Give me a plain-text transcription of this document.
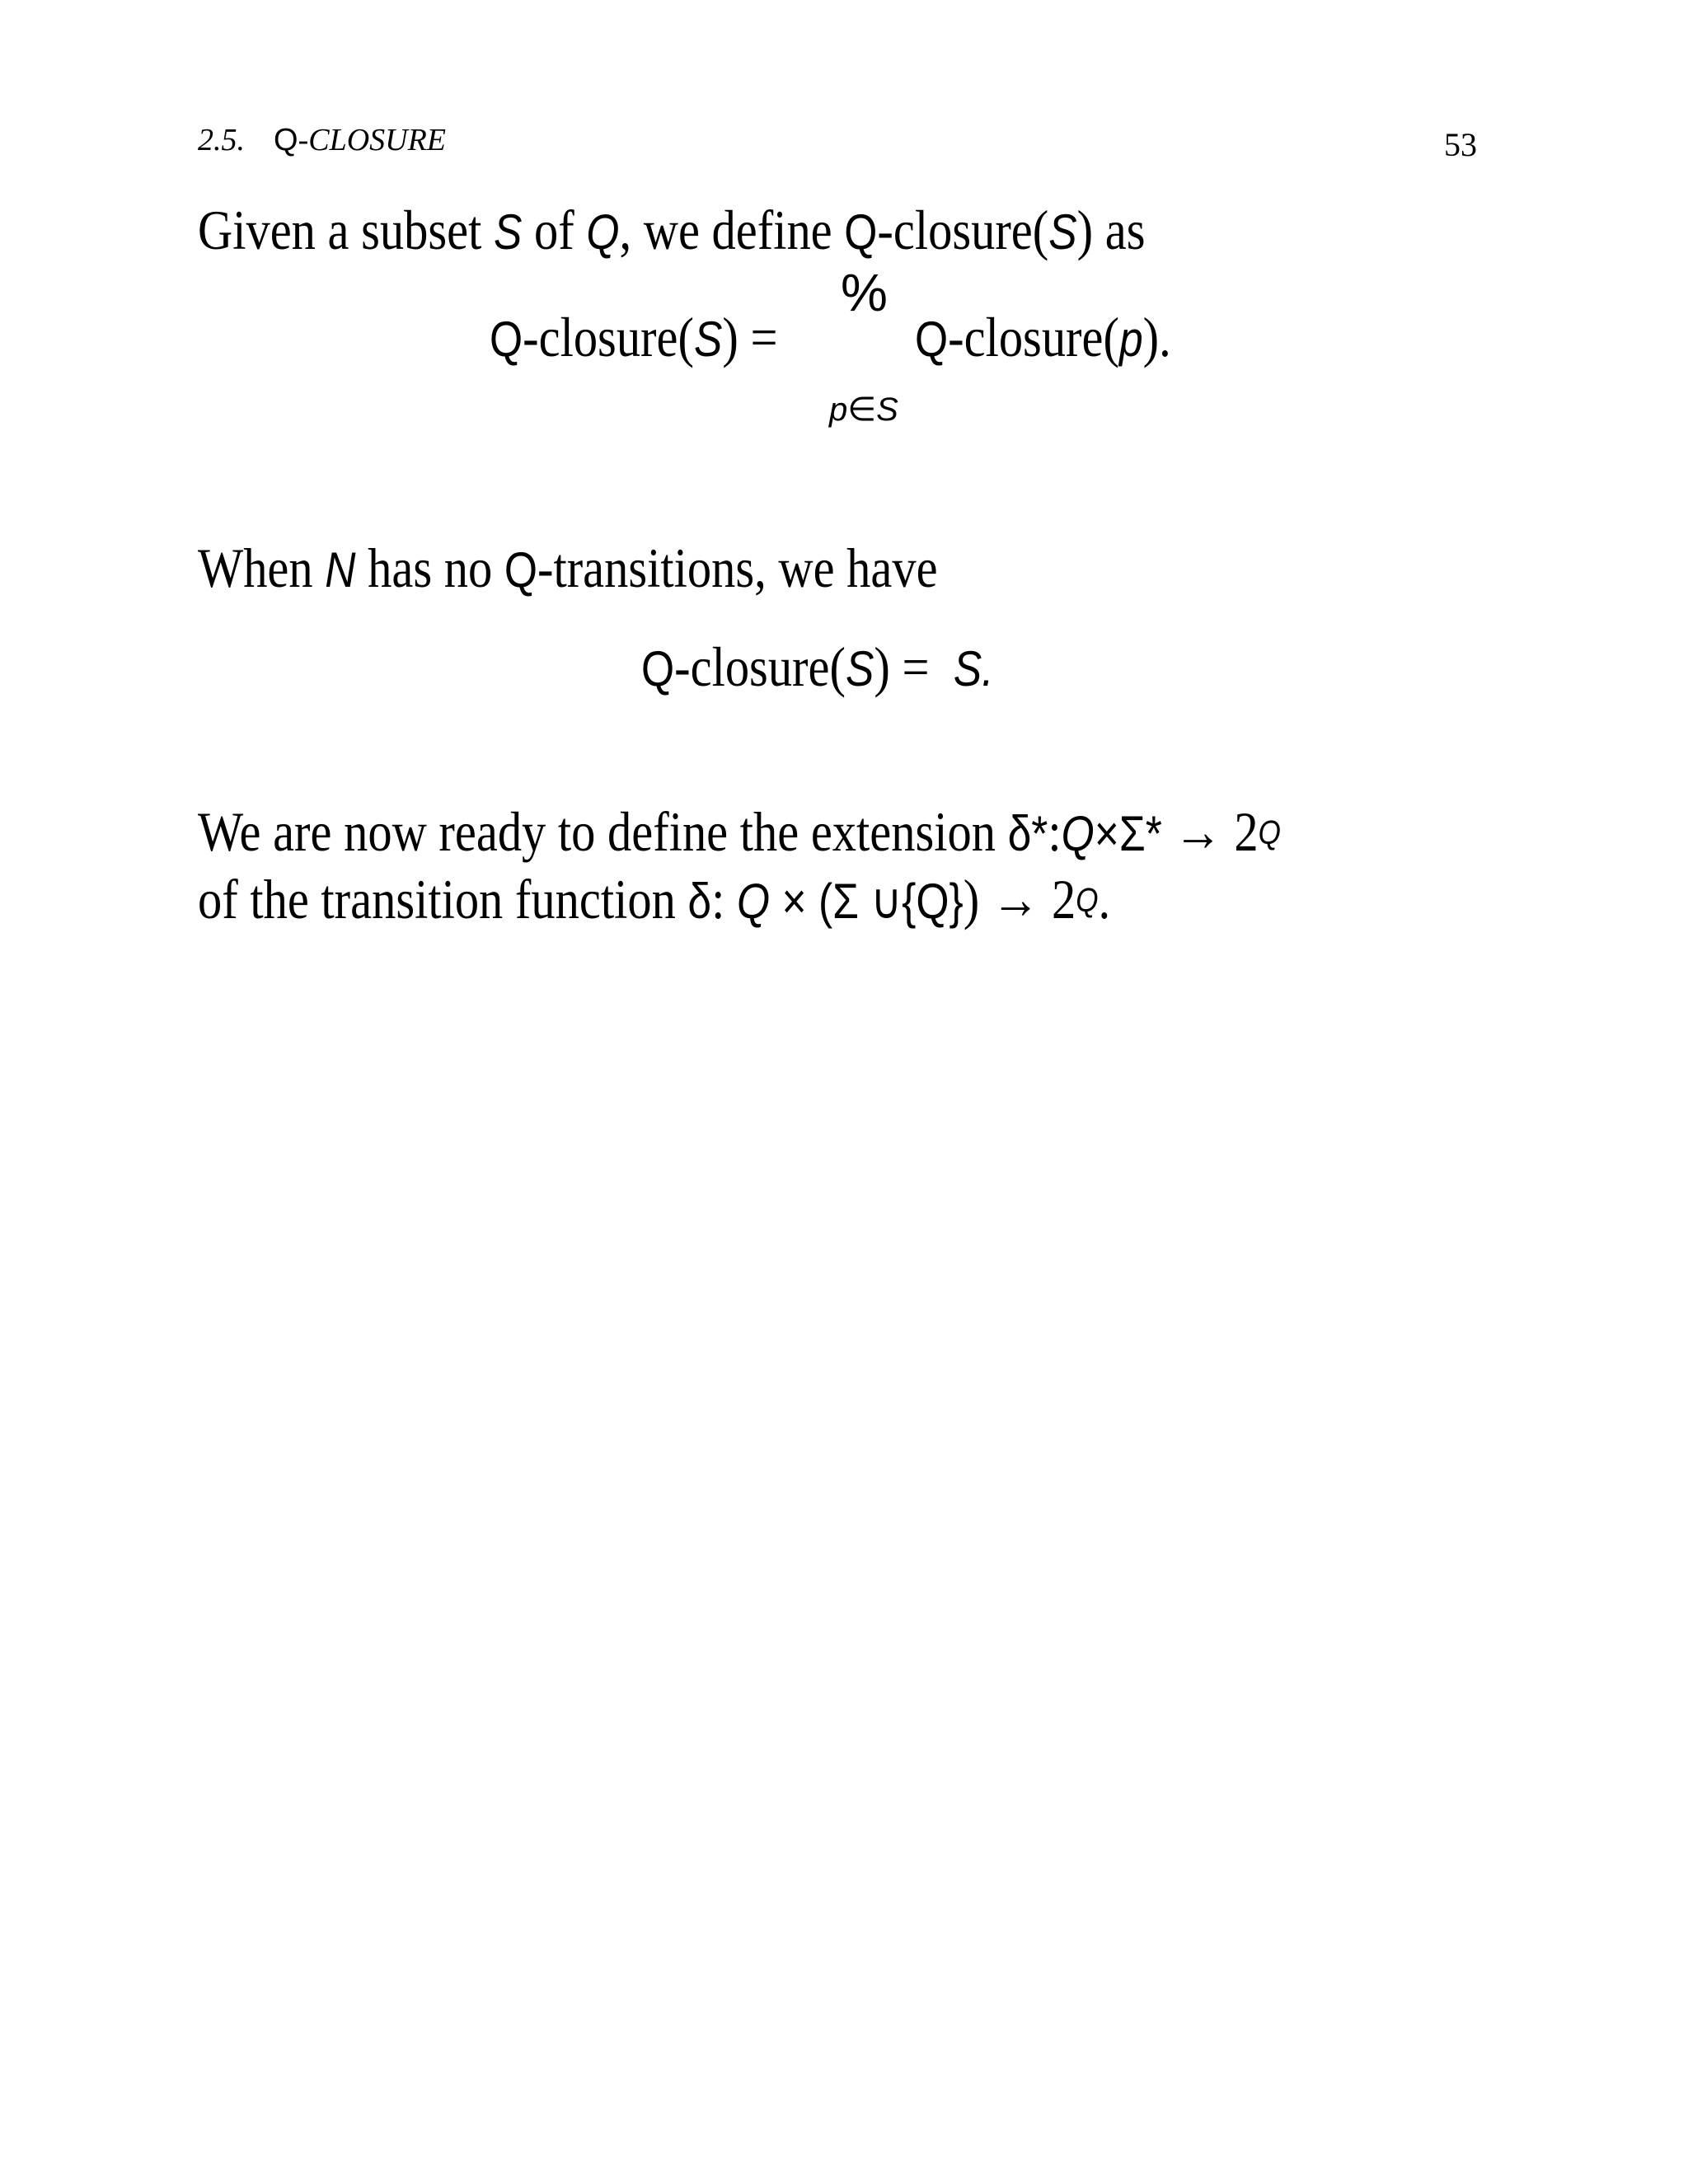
2.5. Q-CLOSURE	53
Given a subset S of Q, we define Q-closure(S) as
Q-closure(S) =
%
Q-closure(p).
p∈S
When N has no Q-transitions, we have
Q-closure(S) = S.
We are now ready to define the extension δ*:Q×Σ* → $2^Q$
of the transition function δ: Q × (Σ ∪{Q}) → $2^Q$.
